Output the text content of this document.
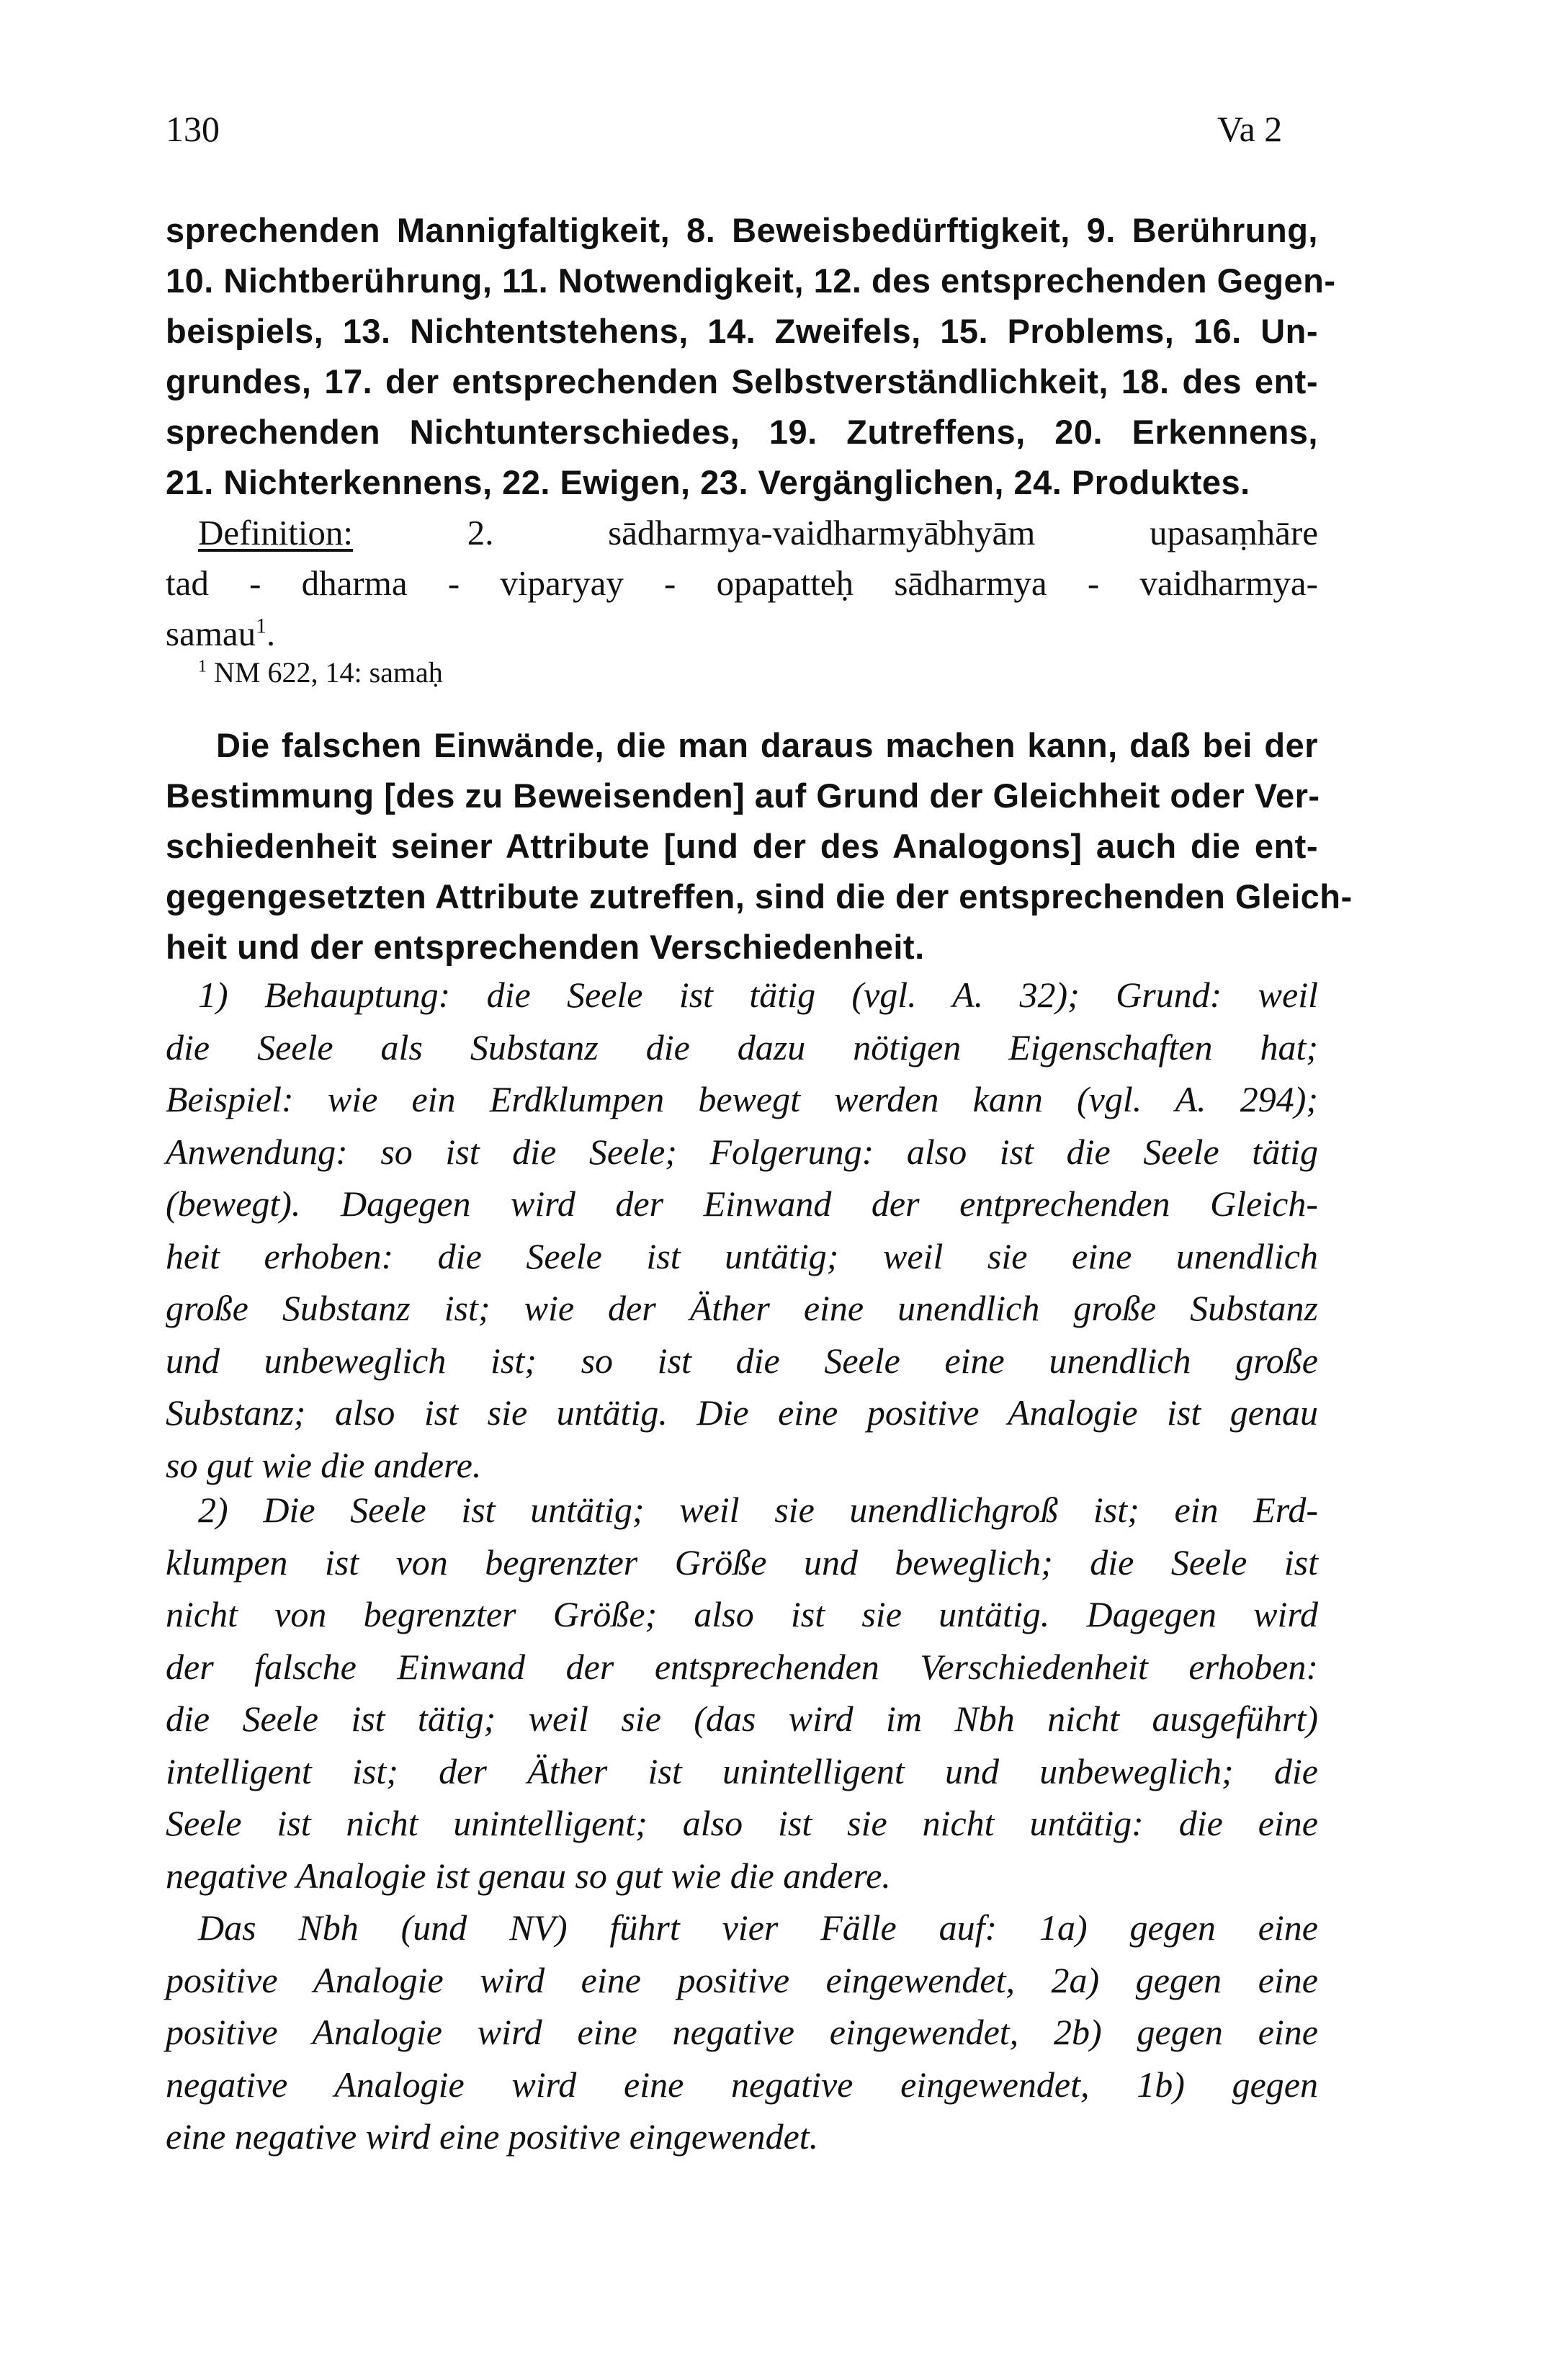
130	Va 2
sprechenden Mannigfaltigkeit, 8. Beweisbedürftigkeit, 9. Berührung,
10. Nichtberührung, 11. Notwendigkeit, 12. des entsprechenden Gegen-
beispiels, 13. Nichtentstehens, 14. Zweifels, 15. Problems, 16. Un-
grundes, 17. der entsprechenden Selbstverständlichkeit, 18. des ent-
sprechenden Nichtunterschiedes, 19. Zutreffens, 20. Erkennens,
21. Nichterkennens, 22. Ewigen, 23. Vergänglichen, 24. Produktes.
Definition: 2. sādharmya-vaidharmyābhyām upasaṃhāre
tad - dharma - viparyay - opapatteḥ sādharmya - vaidharmya-
samau$^1$.
$^1$ NM 622, 14: samaḥ
Die falschen Einwände, die man daraus machen kann, daß bei der
Bestimmung [des zu Beweisenden] auf Grund der Gleichheit oder Ver-
schiedenheit seiner Attribute [und der des Analogons] auch die ent-
gegengesetzten Attribute zutreffen, sind die der entsprechenden Gleich-
heit und der entsprechenden Verschiedenheit.
1) Behauptung: die Seele ist tätig (vgl. A. 32); Grund: weil
die Seele als Substanz die dazu nötigen Eigenschaften hat;
Beispiel: wie ein Erdklumpen bewegt werden kann (vgl. A. 294);
Anwendung: so ist die Seele; Folgerung: also ist die Seele tätig
(bewegt). Dagegen wird der Einwand der entprechenden Gleich-
heit erhoben: die Seele ist untätig; weil sie eine unendlich
große Substanz ist; wie der Äther eine unendlich große Substanz
und unbeweglich ist; so ist die Seele eine unendlich große
Substanz; also ist sie untätig. Die eine positive Analogie ist genau
so gut wie die andere.
2) Die Seele ist untätig; weil sie unendlichgroß ist; ein Erd-
klumpen ist von begrenzter Größe und beweglich; die Seele ist
nicht von begrenzter Größe; also ist sie untätig. Dagegen wird
der falsche Einwand der entsprechenden Verschiedenheit erhoben:
die Seele ist tätig; weil sie (das wird im Nbh nicht ausgeführt)
intelligent ist; der Äther ist unintelligent und unbeweglich; die
Seele ist nicht unintelligent; also ist sie nicht untätig: die eine
negative Analogie ist genau so gut wie die andere.
Das Nbh (und NV) führt vier Fälle auf: 1a) gegen eine
positive Analogie wird eine positive eingewendet, 2a) gegen eine
positive Analogie wird eine negative eingewendet, 2b) gegen eine
negative Analogie wird eine negative eingewendet, 1b) gegen
eine negative wird eine positive eingewendet.
